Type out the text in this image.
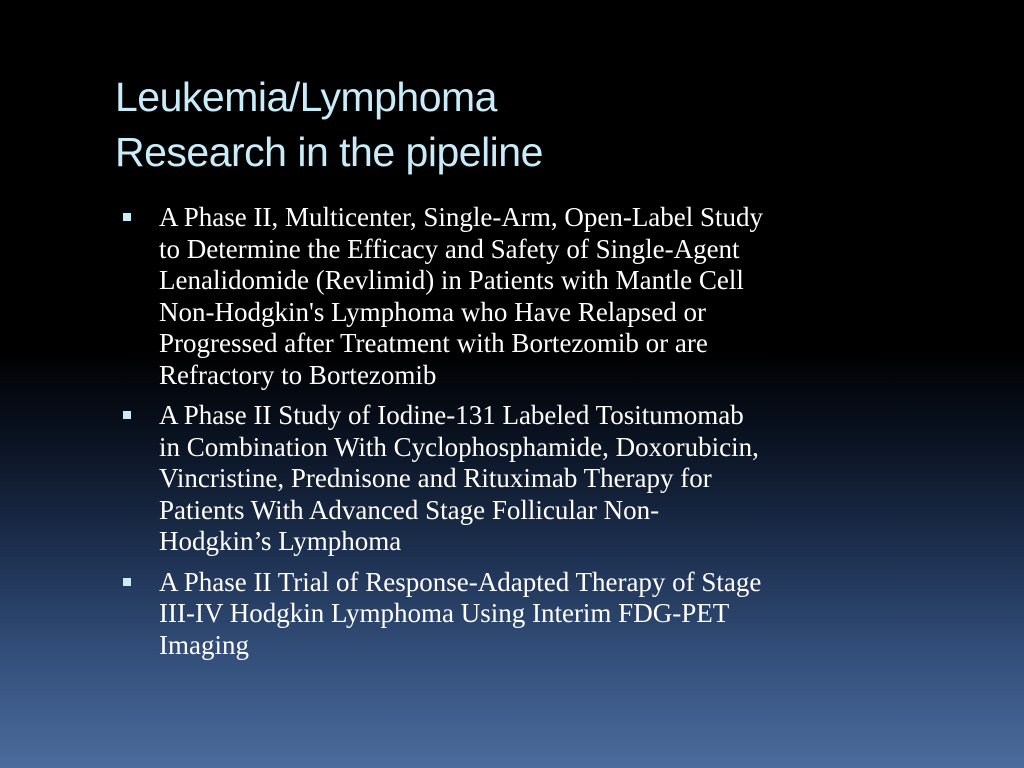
Leukemia/Lymphoma
Research in the pipeline
A Phase II, Multicenter, Single-Arm, Open-Label Study
to Determine the Efficacy and Safety of Single-Agent
Lenalidomide (Revlimid) in Patients with Mantle Cell
Non-Hodgkin's Lymphoma who Have Relapsed or
Progressed after Treatment with Bortezomib or are
Refractory to Bortezomib
A Phase II Study of Iodine-131 Labeled Tositumomab
in Combination With Cyclophosphamide, Doxorubicin,
Vincristine, Prednisone and Rituximab Therapy for
Patients With Advanced Stage Follicular Non-
Hodgkin’s Lymphoma
A Phase II Trial of Response-Adapted Therapy of Stage
III-IV Hodgkin Lymphoma Using Interim FDG-PET
Imaging
